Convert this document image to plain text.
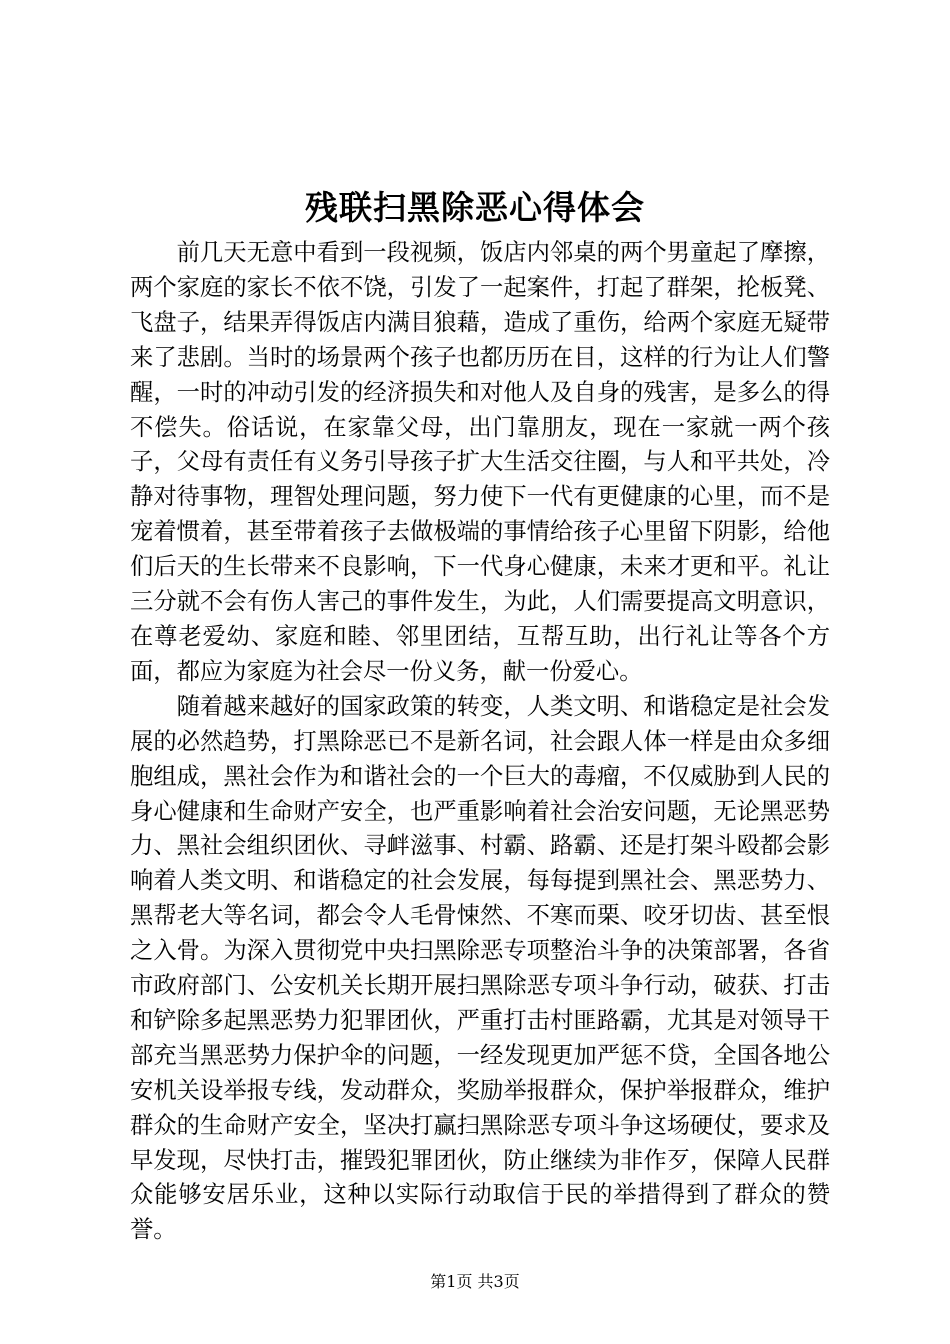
残联扫黑除恶心得体会

前几天无意中看到一段视频，饭店内邻桌的两个男童起了摩擦，两个家庭的家长不依不饶，引发了一起案件，打起了群架，抡板凳、飞盘子，结果弄得饭店内满目狼藉，造成了重伤，给两个家庭无疑带来了悲剧。当时的场景两个孩子也都历历在目，这样的行为让人们警醒，一时的冲动引发的经济损失和对他人及自身的残害，是多么的得不偿失。俗话说，在家靠父母，出门靠朋友，现在一家就一两个孩子，父母有责任有义务引导孩子扩大生活交往圈，与人和平共处，冷静对待事物，理智处理问题，努力使下一代有更健康的心里，而不是宠着惯着，甚至带着孩子去做极端的事情给孩子心里留下阴影，给他们后天的生长带来不良影响，下一代身心健康，未来才更和平。礼让三分就不会有伤人害己的事件发生，为此，人们需要提高文明意识，在尊老爱幼、家庭和睦、邻里团结，互帮互助，出行礼让等各个方面，都应为家庭为社会尽一份义务，献一份爱心。

随着越来越好的国家政策的转变，人类文明、和谐稳定是社会发展的必然趋势，打黑除恶已不是新名词，社会跟人体一样是由众多细胞组成，黑社会作为和谐社会的一个巨大的毒瘤，不仅威胁到人民的身心健康和生命财产安全，也严重影响着社会治安问题，无论黑恶势力、黑社会组织团伙、寻衅滋事、村霸、路霸、还是打架斗殴都会影响着人类文明、和谐稳定的社会发展，每每提到黑社会、黑恶势力、黑帮老大等名词，都会令人毛骨悚然、不寒而栗、咬牙切齿、甚至恨之入骨。为深入贯彻党中央扫黑除恶专项整治斗争的决策部署，各省市政府部门、公安机关长期开展扫黑除恶专项斗争行动，破获、打击和铲除多起黑恶势力犯罪团伙，严重打击村匪路霸，尤其是对领导干部充当黑恶势力保护伞的问题，一经发现更加严惩不贷，全国各地公安机关设举报专线，发动群众，奖励举报群众，保护举报群众，维护群众的生命财产安全，坚决打赢扫黑除恶专项斗争这场硬仗，要求及早发现，尽快打击，摧毁犯罪团伙，防止继续为非作歹，保障人民群众能够安居乐业，这种以实际行动取信于民的举措得到了群众的赞誉。

第1页 共3页
